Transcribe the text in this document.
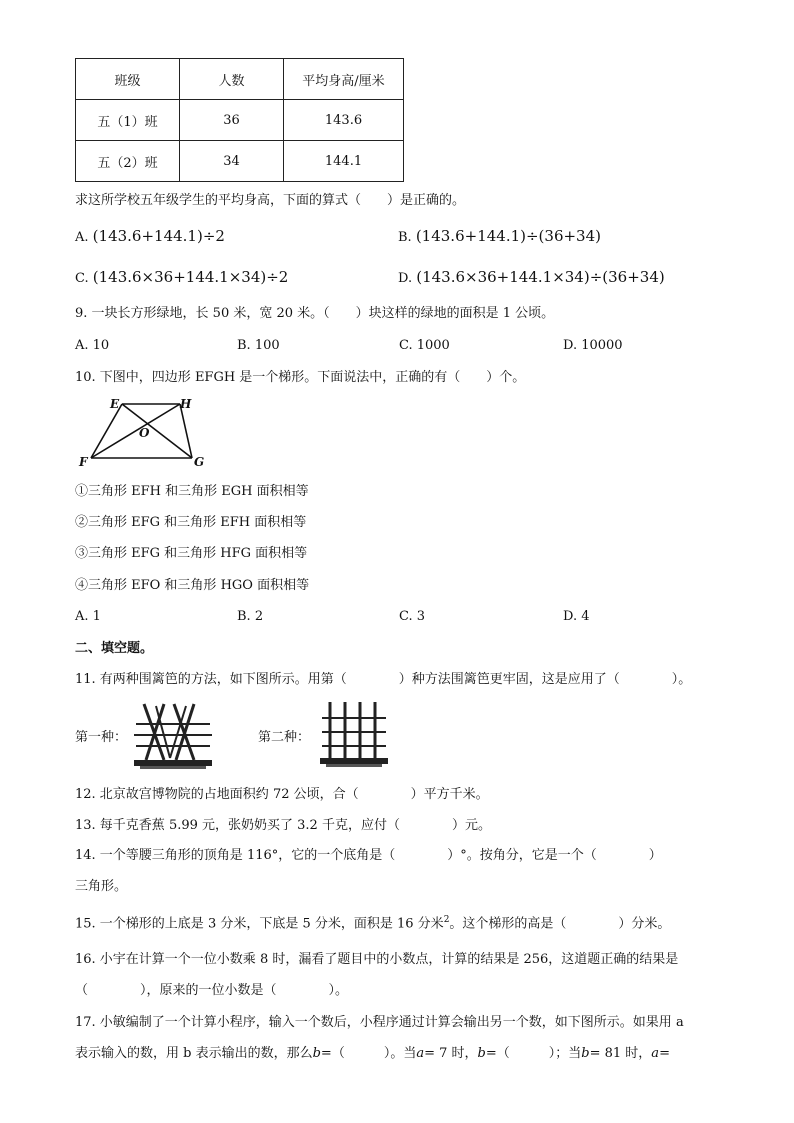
班级	人数	平均身高/厘米
五（1）班	36	143.6
五（2）班	34	144.1
求这所学校五年级学生的平均身高，下面的算式（　　）是正确的。
A. (143.6+144.1)÷2	B. (143.6+144.1)÷(36+34)
C. (143.6×36+144.1×34)÷2	D. (143.6×36+144.1×34)÷(36+34)
9. 一块长方形绿地，长 50 米，宽 20 米。（　　）块这样的绿地的面积是 1 公顷。
A. 10	B. 100	C. 1000	D. 10000
10. 下图中，四边形 EFGH 是一个梯形。下面说法中，正确的有（　　）个。
E	H
O
F	G
①三角形 EFH 和三角形 EGH 面积相等
②三角形 EFG 和三角形 EFH 面积相等
③三角形 EFG 和三角形 HFG 面积相等
④三角形 EFO 和三角形 HGO 面积相等
A. 1	B. 2	C. 3	D. 4
二、填空题。
11. 有两种围篱笆的方法，如下图所示。用第（　　　　）种方法围篱笆更牢固，这是应用了（　　　　）。
第一种：	第二种：
12. 北京故宫博物院的占地面积约 72 公顷，合（　　　　）平方千米。
13. 每千克香蕉 5.99 元，张奶奶买了 3.2 千克，应付（　　　　）元。
14. 一个等腰三角形的顶角是 116°，它的一个底角是（　　　　）°。按角分，它是一个（　　　　）
三角形。
15. 一个梯形的上底是 3 分米，下底是 5 分米，面积是 16 分米$^2$。这个梯形的高是（　　　　）分米。
16. 小宇在计算一个一位小数乘 8 时，漏看了题目中的小数点，计算的结果是 256，这道题正确的结果是
（　　　　），原来的一位小数是（　　　　）。
17. 小敏编制了一个计算小程序，输入一个数后，小程序通过计算会输出另一个数，如下图所示。如果用 a
表示输入的数，用 b 表示输出的数，那么b=（　　　）。当a= 7 时，b=（　　　）；当b= 81 时，a=
